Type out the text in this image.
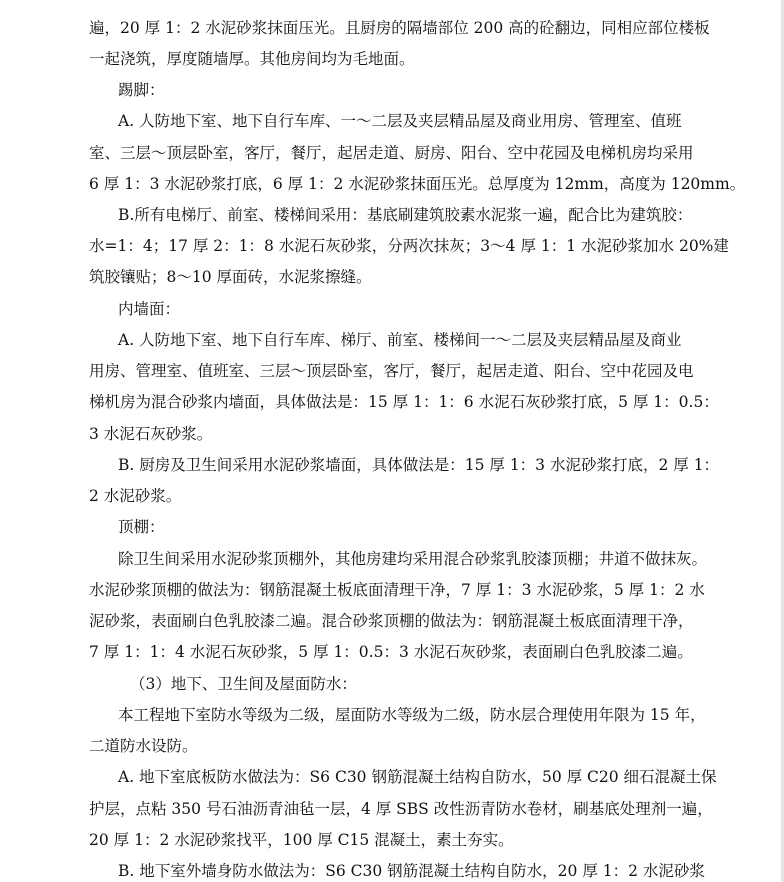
遍，20 厚 1：2 水泥砂浆抹面压光。且厨房的隔墙部位 200 高的砼翻边，同相应部位楼板
一起浇筑，厚度随墙厚。其他房间均为毛地面。
踢脚：
A. 人防地下室、地下自行车库、一～二层及夹层精品屋及商业用房、管理室、值班
室、三层～顶层卧室，客厅，餐厅，起居走道、厨房、阳台、空中花园及电梯机房均采用
6 厚 1：3 水泥砂浆打底，6 厚 1：2 水泥砂浆抹面压光。总厚度为 12mm，高度为 120mm。
B.所有电梯厅、前室、楼梯间采用：基底刷建筑胶素水泥浆一遍，配合比为建筑胶：
水=1：4；17 厚 2：1：8 水泥石灰砂浆，分两次抹灰；3～4 厚 1：1 水泥砂浆加水 20%建
筑胶镶贴；8～10 厚面砖，水泥浆擦缝。
内墙面：
A. 人防地下室、地下自行车库、梯厅、前室、楼梯间一～二层及夹层精品屋及商业
用房、管理室、值班室、三层～顶层卧室，客厅，餐厅，起居走道、阳台、空中花园及电
梯机房为混合砂浆内墙面，具体做法是：15 厚 1：1：6 水泥石灰砂浆打底，5 厚 1：0.5：
3 水泥石灰砂浆。
B. 厨房及卫生间采用水泥砂浆墙面，具体做法是：15 厚 1：3 水泥砂浆打底，2 厚 1：
2 水泥砂浆。
顶棚：
除卫生间采用水泥砂浆顶棚外，其他房建均采用混合砂浆乳胶漆顶棚；井道不做抹灰。
水泥砂浆顶棚的做法为：钢筋混凝土板底面清理干净，7 厚 1：3 水泥砂浆，5 厚 1：2 水
泥砂浆，表面刷白色乳胶漆二遍。混合砂浆顶棚的做法为：钢筋混凝土板底面清理干净，
7 厚 1：1：4 水泥石灰砂浆，5 厚 1：0.5：3 水泥石灰砂浆，表面刷白色乳胶漆二遍。
（3）地下、卫生间及屋面防水：
本工程地下室防水等级为二级，屋面防水等级为二级，防水层合理使用年限为 15 年，
二道防水设防。
A. 地下室底板防水做法为：S6 C30 钢筋混凝土结构自防水，50 厚 C20 细石混凝土保
护层，点粘 350 号石油沥青油毡一层，4 厚 SBS 改性沥青防水卷材，刷基底处理剂一遍，
20 厚 1：2 水泥砂浆找平，100 厚 C15 混凝土，素土夯实。
B. 地下室外墙身防水做法为：S6 C30 钢筋混凝土结构自防水，20 厚 1：2 水泥砂浆
